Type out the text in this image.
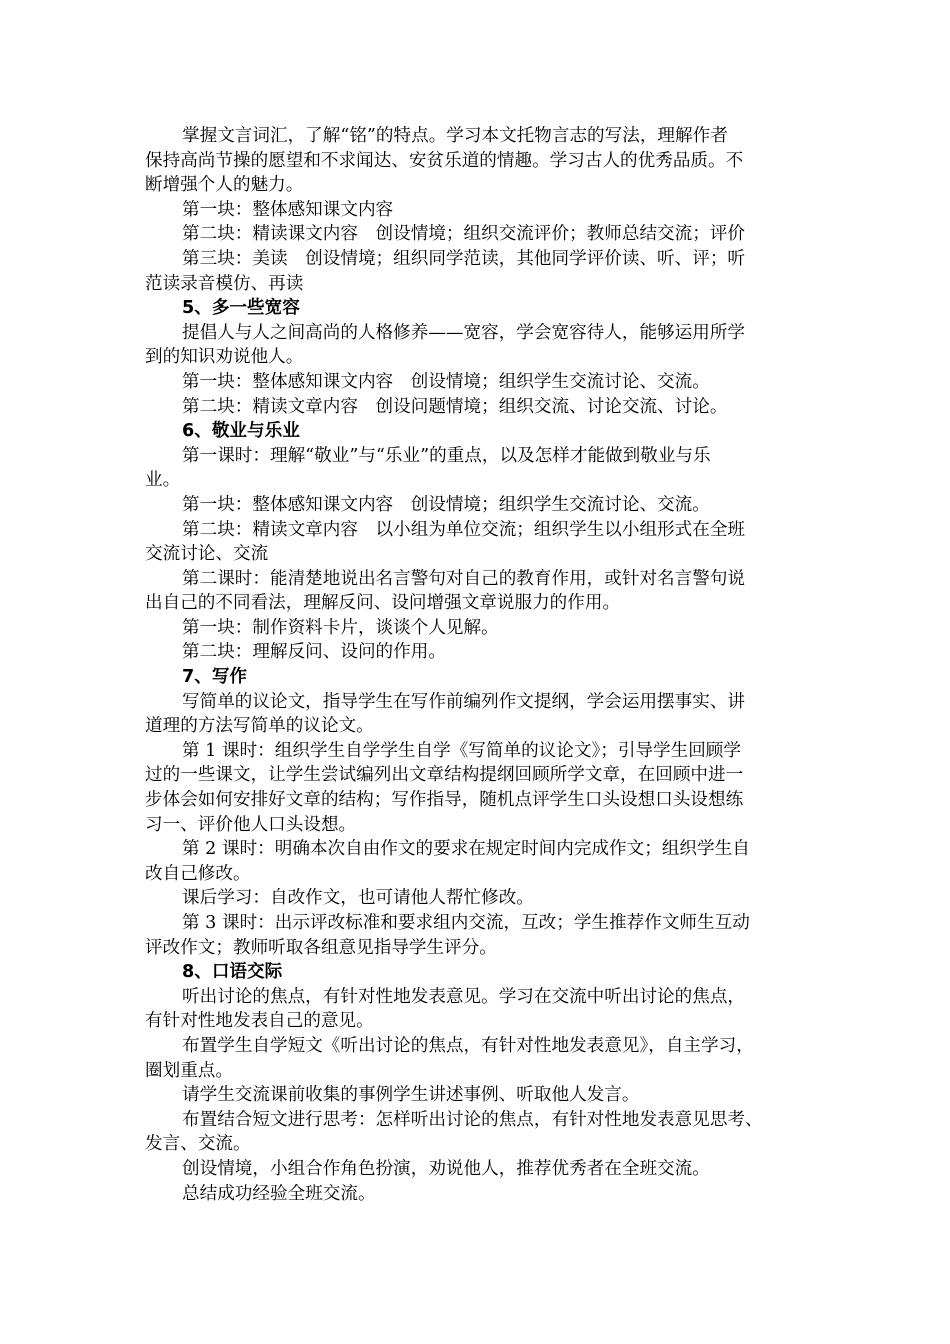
掌握文言词汇，了解“铭”的特点。学习本文托物言志的写法，理解作者

保持高尚节操的愿望和不求闻达、安贫乐道的情趣。学习古人的优秀品质。不

断增强个人的魅力。

第一块：整体感知课文内容

第二块：精读课文内容　创设情境；组织交流评价；教师总结交流；评价

第三块：美读　创设情境；组织同学范读，其他同学评价读、听、评；听

范读录音模仿、再读

5、多一些宽容

提倡人与人之间高尚的人格修养——宽容，学会宽容待人，能够运用所学

到的知识劝说他人。

第一块：整体感知课文内容　创设情境；组织学生交流讨论、交流。

第二块：精读文章内容　创设问题情境；组织交流、讨论交流、讨论。

6、敬业与乐业

第一课时：理解“敬业”与“乐业”的重点，以及怎样才能做到敬业与乐

业。

第一块：整体感知课文内容　创设情境；组织学生交流讨论、交流。

第二块：精读文章内容　以小组为单位交流；组织学生以小组形式在全班

交流讨论、交流

第二课时：能清楚地说出名言警句对自己的教育作用，或针对名言警句说

出自己的不同看法，理解反问、设问增强文章说服力的作用。

第一块：制作资料卡片，谈谈个人见解。

第二块：理解反问、设问的作用。

7、写作

写简单的议论文，指导学生在写作前编列作文提纲，学会运用摆事实、讲

道理的方法写简单的议论文。

第 1 课时：组织学生自学学生自学《写简单的议论文》；引导学生回顾学

过的一些课文，让学生尝试编列出文章结构提纲回顾所学文章，在回顾中进一

步体会如何安排好文章的结构；写作指导，随机点评学生口头设想口头设想练

习一、评价他人口头设想。

第 2 课时：明确本次自由作文的要求在规定时间内完成作文；组织学生自

改自己修改。

课后学习：自改作文，也可请他人帮忙修改。

第 3 课时：出示评改标准和要求组内交流，互改；学生推荐作文师生互动

评改作文；教师听取各组意见指导学生评分。

8、口语交际

听出讨论的焦点，有针对性地发表意见。学习在交流中听出讨论的焦点，

有针对性地发表自己的意见。

布置学生自学短文《听出讨论的焦点，有针对性地发表意见》，自主学习，

圈划重点。

请学生交流课前收集的事例学生讲述事例、听取他人发言。

布置结合短文进行思考：怎样听出讨论的焦点，有针对性地发表意见思考、

发言、交流。

创设情境，小组合作角色扮演，劝说他人，推荐优秀者在全班交流。

总结成功经验全班交流。
